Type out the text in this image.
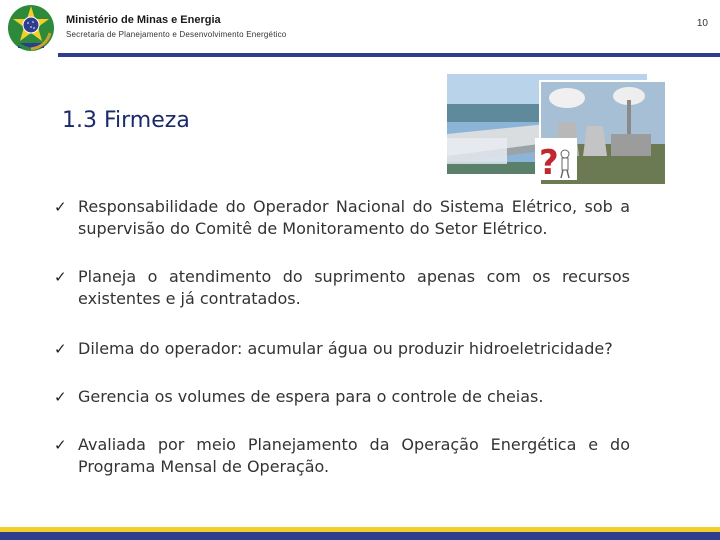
Ministério de Minas e Energia
Secretaria de Planejamento e Desenvolvimento Energético
10
1.3 Firmeza
?
✓ Responsabilidade do Operador Nacional do Sistema Elétrico, sob a supervisão do Comitê de Monitoramento do Setor Elétrico.
✓ Planeja o atendimento do suprimento apenas com os recursos existentes e já contratados.
✓ Dilema do operador: acumular água ou produzir hidroeletricidade?
✓ Gerencia os volumes de espera para o controle de cheias.
✓ Avaliada por meio Planejamento da Operação Energética e do Programa Mensal de Operação.
